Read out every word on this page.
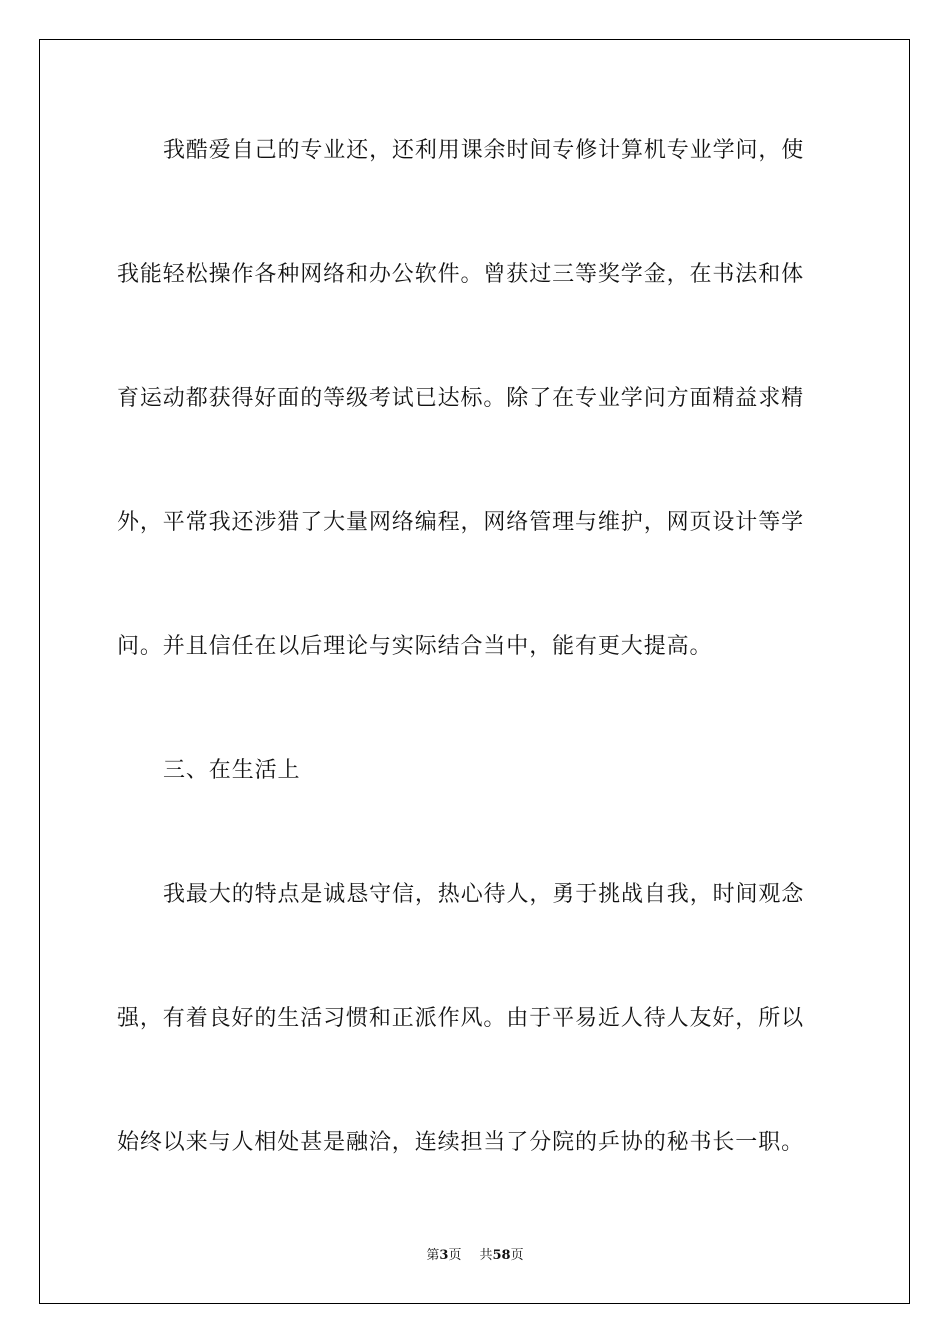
我酷爱自己的专业还，还利用课余时间专修计算机专业学问，使
我能轻松操作各种网络和办公软件。曾获过三等奖学金，在书法和体
育运动都获得好面的等级考试已达标。除了在专业学问方面精益求精
外，平常我还涉猎了大量网络编程，网络管理与维护，网页设计等学
问。并且信任在以后理论与实际结合当中，能有更大提高。
三、在生活上
我最大的特点是诚恳守信，热心待人，勇于挑战自我，时间观念
强，有着良好的生活习惯和正派作风。由于平易近人待人友好，所以
始终以来与人相处甚是融洽，连续担当了分院的乒协的秘书长一职。
第3页 共58页
